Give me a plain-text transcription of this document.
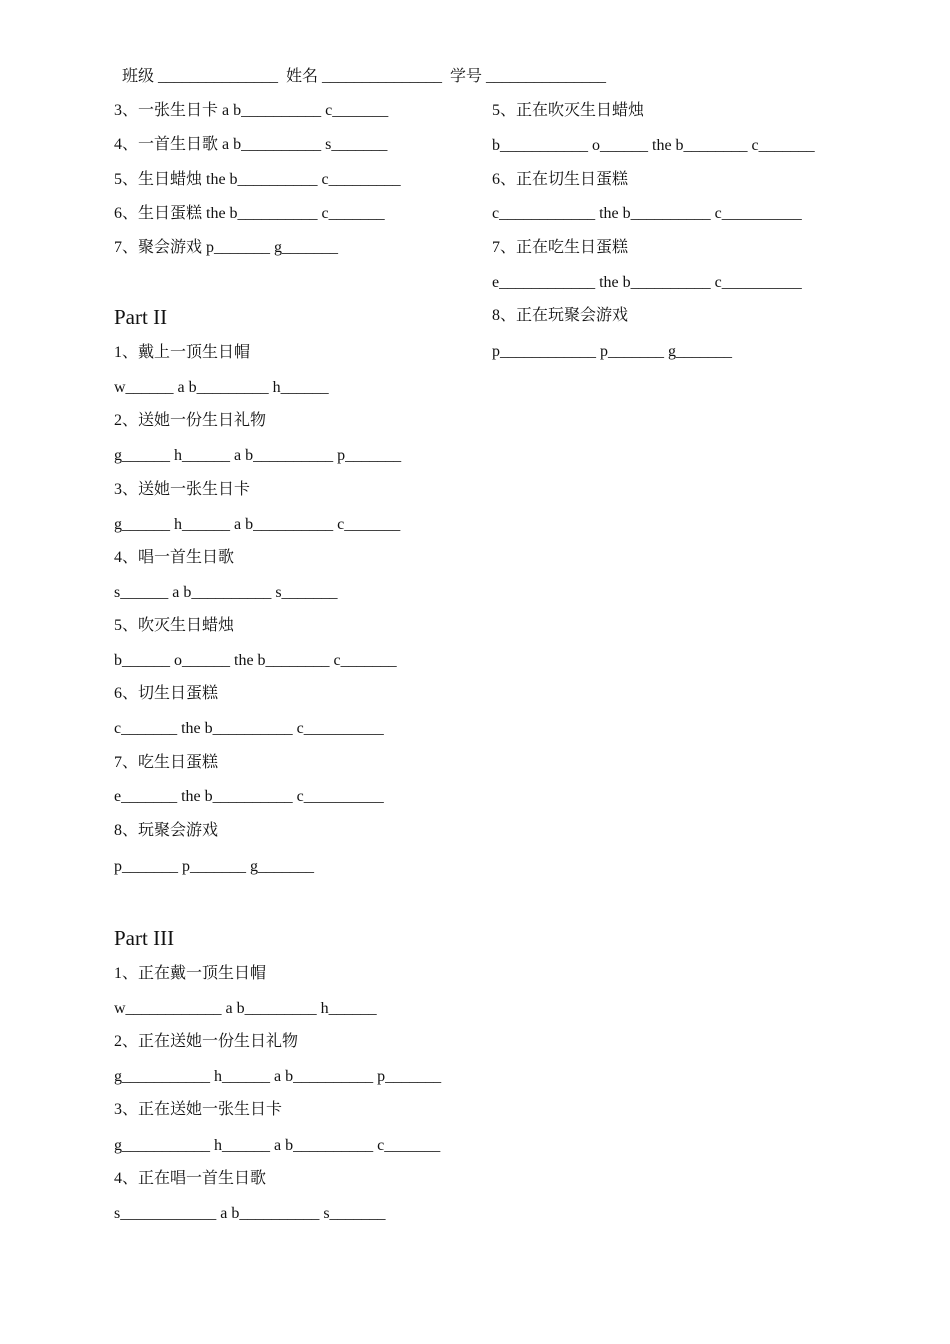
班级 _______________  姓名 _______________  学号 _______________
3、一张生日卡 a b__________ c_______
4、一首生日歌 a b__________ s_______
5、生日蜡烛 the b__________ c_________
6、生日蛋糕 the b__________ c_______
7、聚会游戏 p_______ g_______
5、正在吹灭生日蜡烛
b___________ o______ the b________ c_______
6、正在切生日蛋糕
c____________ the b__________ c__________
7、正在吃生日蛋糕
e____________ the b__________ c__________
8、正在玩聚会游戏
p____________ p_______ g_______
Part II
1、戴上一顶生日帽
w______ a b_________ h______
2、送她一份生日礼物
g______ h______ a b__________ p_______
3、送她一张生日卡
g______ h______ a b__________ c_______
4、唱一首生日歌
s______ a b__________ s_______
5、吹灭生日蜡烛
b______ o______ the b________ c_______
6、切生日蛋糕
c_______ the b__________ c__________
7、吃生日蛋糕
e_______ the b__________ c__________
8、玩聚会游戏
p_______ p_______ g_______
Part III
1、正在戴一顶生日帽
w____________ a b_________ h______
2、正在送她一份生日礼物
g___________ h______ a b__________ p_______
3、正在送她一张生日卡
g___________ h______ a b__________ c_______
4、正在唱一首生日歌
s____________ a b__________ s_______
